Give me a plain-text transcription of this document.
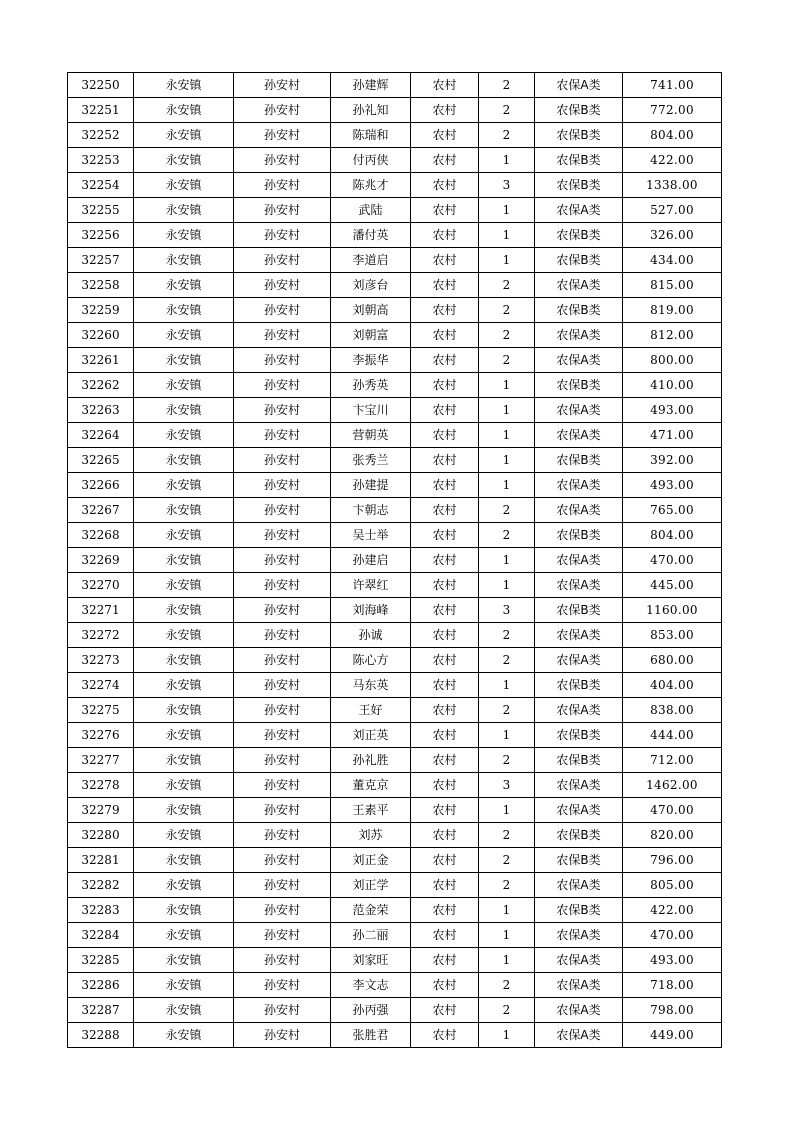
32250	永安镇	孙安村	孙建辉	农村	2	农保A类	741.00
32251	永安镇	孙安村	孙礼知	农村	2	农保B类	772.00
32252	永安镇	孙安村	陈瑞和	农村	2	农保B类	804.00
32253	永安镇	孙安村	付丙侠	农村	1	农保B类	422.00
32254	永安镇	孙安村	陈兆才	农村	3	农保B类	1338.00
32255	永安镇	孙安村	武陆	农村	1	农保A类	527.00
32256	永安镇	孙安村	潘付英	农村	1	农保B类	326.00
32257	永安镇	孙安村	李道启	农村	1	农保B类	434.00
32258	永安镇	孙安村	刘彦台	农村	2	农保A类	815.00
32259	永安镇	孙安村	刘朝高	农村	2	农保B类	819.00
32260	永安镇	孙安村	刘朝富	农村	2	农保A类	812.00
32261	永安镇	孙安村	李振华	农村	2	农保A类	800.00
32262	永安镇	孙安村	孙秀英	农村	1	农保B类	410.00
32263	永安镇	孙安村	卞宝川	农村	1	农保A类	493.00
32264	永安镇	孙安村	营朝英	农村	1	农保A类	471.00
32265	永安镇	孙安村	张秀兰	农村	1	农保B类	392.00
32266	永安镇	孙安村	孙建提	农村	1	农保A类	493.00
32267	永安镇	孙安村	卞朝志	农村	2	农保A类	765.00
32268	永安镇	孙安村	吴士举	农村	2	农保B类	804.00
32269	永安镇	孙安村	孙建启	农村	1	农保A类	470.00
32270	永安镇	孙安村	许翠红	农村	1	农保A类	445.00
32271	永安镇	孙安村	刘海峰	农村	3	农保B类	1160.00
32272	永安镇	孙安村	孙诚	农村	2	农保A类	853.00
32273	永安镇	孙安村	陈心方	农村	2	农保A类	680.00
32274	永安镇	孙安村	马东英	农村	1	农保B类	404.00
32275	永安镇	孙安村	王好	农村	2	农保A类	838.00
32276	永安镇	孙安村	刘正英	农村	1	农保B类	444.00
32277	永安镇	孙安村	孙礼胜	农村	2	农保B类	712.00
32278	永安镇	孙安村	董克京	农村	3	农保A类	1462.00
32279	永安镇	孙安村	王素平	农村	1	农保A类	470.00
32280	永安镇	孙安村	刘苏	农村	2	农保B类	820.00
32281	永安镇	孙安村	刘正金	农村	2	农保B类	796.00
32282	永安镇	孙安村	刘正学	农村	2	农保A类	805.00
32283	永安镇	孙安村	范金荣	农村	1	农保B类	422.00
32284	永安镇	孙安村	孙二丽	农村	1	农保A类	470.00
32285	永安镇	孙安村	刘家旺	农村	1	农保A类	493.00
32286	永安镇	孙安村	李文志	农村	2	农保A类	718.00
32287	永安镇	孙安村	孙丙强	农村	2	农保A类	798.00
32288	永安镇	孙安村	张胜君	农村	1	农保A类	449.00
